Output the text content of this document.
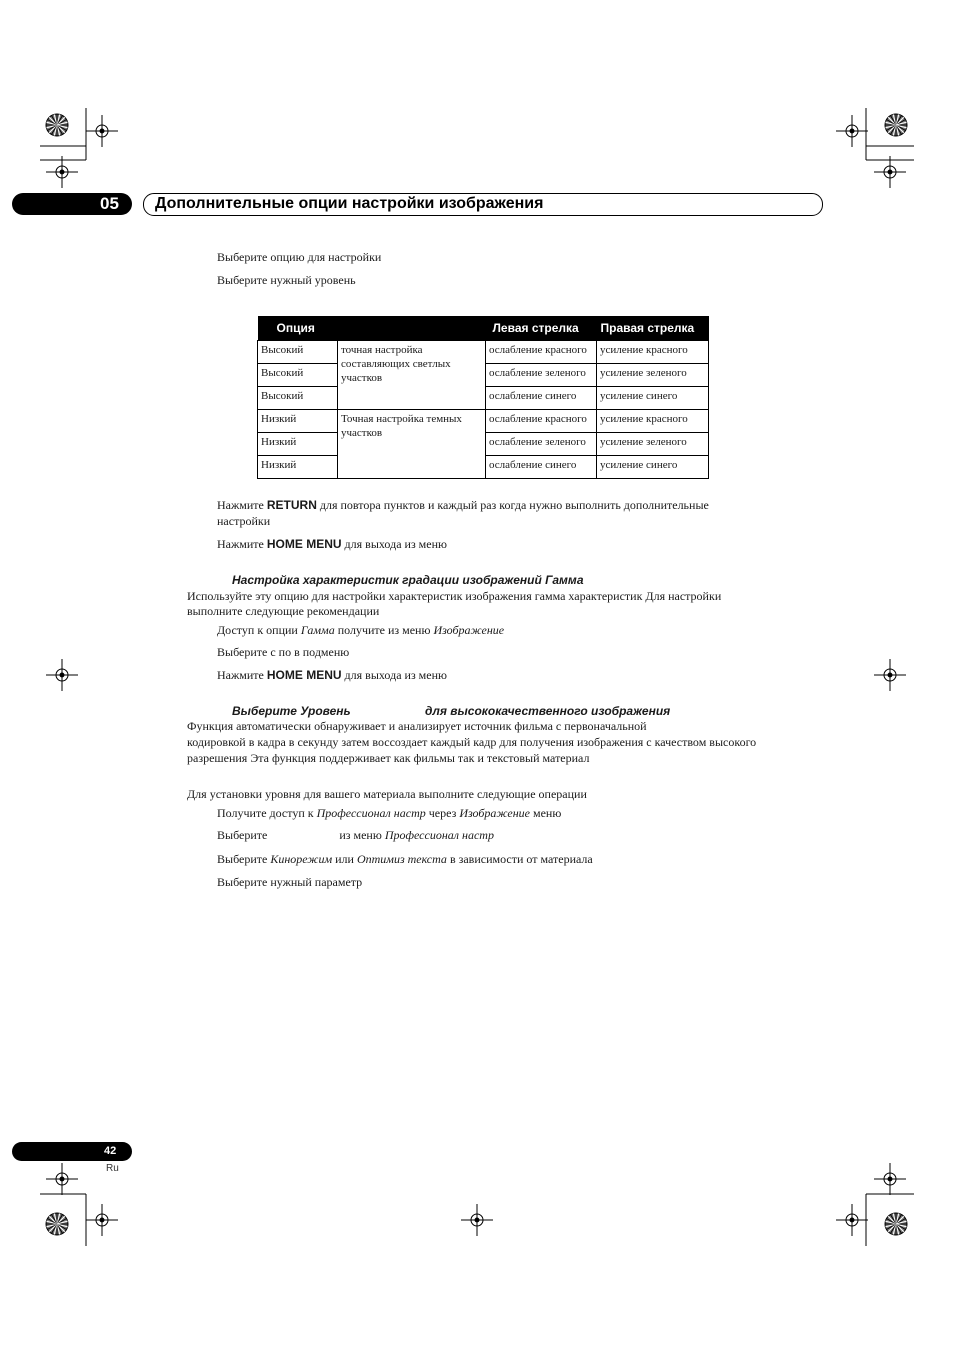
05	Дополнительные опции настройки изображения
Выберите опцию для настройки
Выберите нужный уровень
Опция		Левая стрелка	Правая стрелка
Высокий	точная настройка составляющих светлых участков	ослабление красного	усиление красного
Высокий		ослабление зеленого	усиление зеленого
Высокий		ослабление синего	усиление синего
Низкий	Точная настройка темных участков	ослабление красного	усиление красного
Низкий		ослабление зеленого	усиление зеленого
Низкий		ослабление синего	усиление синего
Нажмите RETURN для повтора пунктов и каждый раз когда нужно выполнить дополнительные
настройки
Нажмите HOME MENU для выхода из меню
Настройка характеристик градации изображений Гамма
Используйте эту опцию для настройки характеристик изображения гамма характеристик Для настройки
выполните следующие рекомендации
Доступ к опции Гамма получите из меню Изображение
Выберите с по в подменю
Нажмите HOME MENU для выхода из меню
Выберите Уровень	для высококачественного изображения
Функция автоматически обнаруживает и анализирует источник фильма с первоначальной
кодировкой в кадра в секунду затем воссоздает каждый кадр для получения изображения с качеством высокого
разрешения Эта функция поддерживает как фильмы так и текстовый материал
Для установки уровня для вашего материала выполните следующие операции
Получите доступ к Профессионал настр через Изображение меню
Выберите                        из меню Профессионал настр
Выберите Кинорежим или Оптимиз текста в зависимости от материала
Выберите нужный параметр
42
Ru
